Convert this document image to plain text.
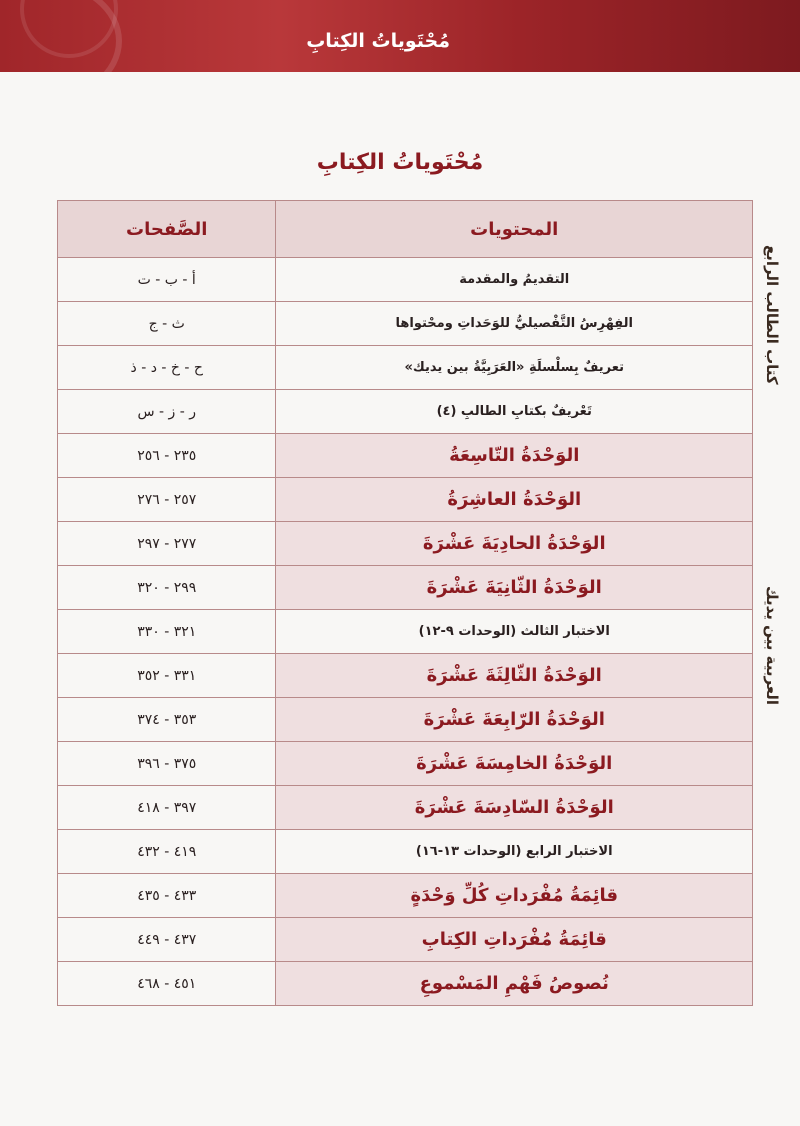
مُحْتَوياتُ الكِتابِ
العربية بين يديك
كتاب الطالب الرابع
مُحْتَوياتُ الكِتابِ
المحتويات	الصَّفحات
التقديمُ والمقدمة	أ - ب - ت
الفِهْرِسُ التَّفْصيليُّ للوَحَداتِ ومحْتواها	ث - ج
تعريفٌ بِسلْسلَةِ «العَرَبِيَّةُ بين يديك»	ح - خ - د - ذ
تَعْريفٌ بكتابِ الطالبِ (٤)	ر - ز - س
الوَحْدَةُ التّاسِعَةُ	٢٣٥ - ٢٥٦
الوَحْدَةُ العاشِرَةُ	٢٥٧ - ٢٧٦
الوَحْدَةُ الحادِيَةَ عَشْرَةَ	٢٧٧ - ٢٩٧
الوَحْدَةُ الثّانِيَةَ عَشْرَةَ	٢٩٩ - ٣٢٠
الاختبار الثالث (الوحدات ٩-١٢)	٣٢١ - ٣٣٠
الوَحْدَةُ الثّالِثَةَ عَشْرَةَ	٣٣١ - ٣٥٢
الوَحْدَةُ الرّابِعَةَ عَشْرَةَ	٣٥٣ - ٣٧٤
الوَحْدَةُ الخامِسَةَ عَشْرَةَ	٣٧٥ - ٣٩٦
الوَحْدَةُ السّادِسَةَ عَشْرَةَ	٣٩٧ - ٤١٨
الاختبار الرابع (الوحدات ١٣-١٦)	٤١٩ - ٤٣٢
قائِمَةُ مُفْرَداتِ كُلِّ وَحْدَةٍ	٤٣٣ - ٤٣٥
قائِمَةُ مُفْرَداتِ الكِتابِ	٤٣٧ - ٤٤٩
نُصوصُ فَهْمِ المَسْموعِ	٤٥١ - ٤٦٨
